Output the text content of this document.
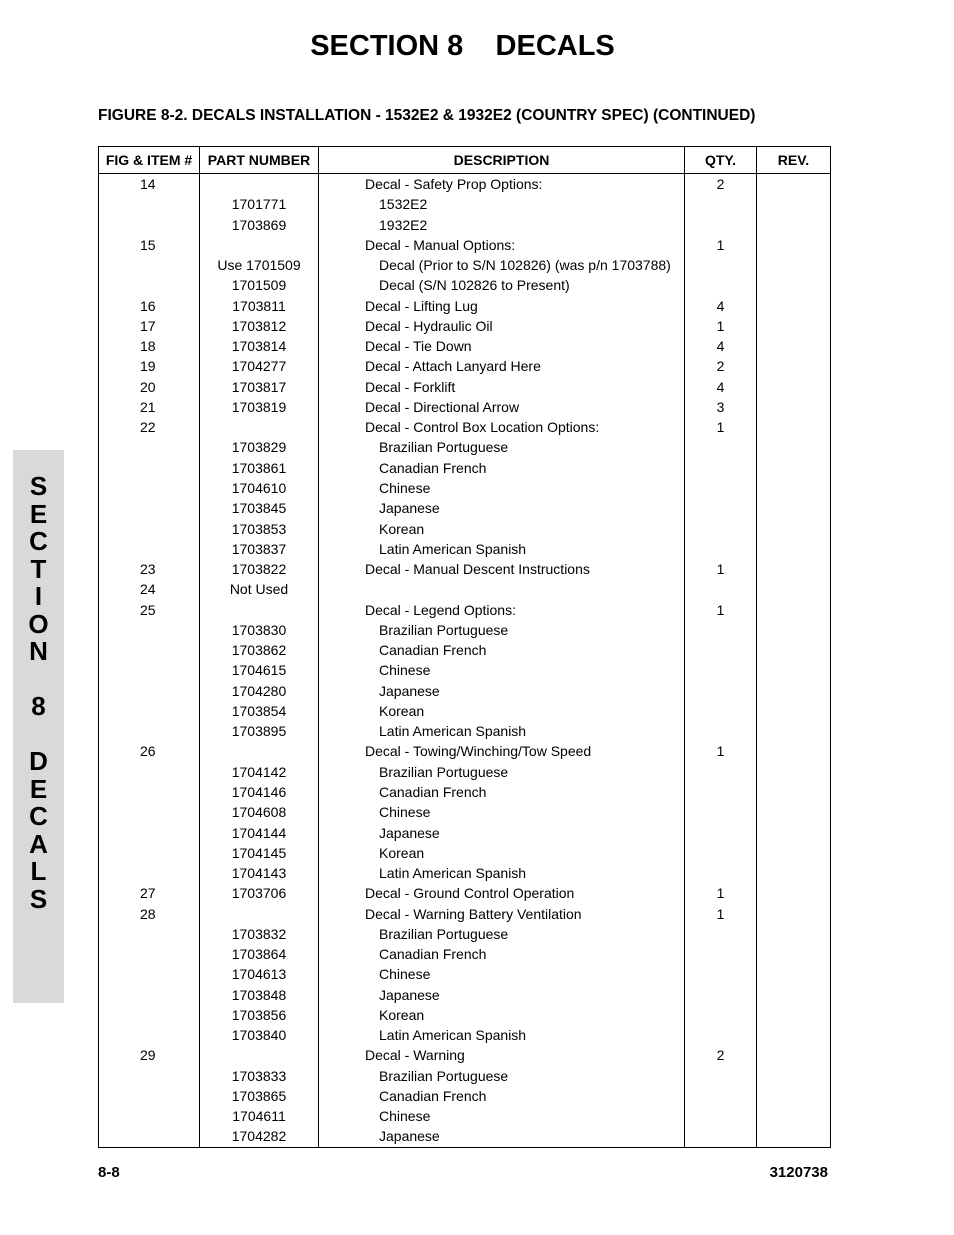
SECTION 8    DECALS
FIGURE 8-2. DECALS INSTALLATION - 1532E2 & 1932E2 (COUNTRY SPEC) (CONTINUED)
S
E
C
T
I
O
N
8
D
E
C
A
L
S
FIG & ITEM #	PART NUMBER	DESCRIPTION	QTY.	REV.
14		Decal - Safety Prop Options:	2	
	1701771	1532E2		
	1703869	1932E2		
15		Decal - Manual Options:	1	
	Use 1701509	Decal (Prior to S/N 102826) (was p/n 1703788)		
	1701509	Decal (S/N 102826 to Present)		
16	1703811	Decal - Lifting Lug	4	
17	1703812	Decal - Hydraulic Oil	1	
18	1703814	Decal - Tie Down	4	
19	1704277	Decal - Attach Lanyard Here	2	
20	1703817	Decal - Forklift	4	
21	1703819	Decal - Directional Arrow	3	
22		Decal - Control Box Location Options:	1	
	1703829	Brazilian Portuguese		
	1703861	Canadian French		
	1704610	Chinese		
	1703845	Japanese		
	1703853	Korean		
	1703837	Latin American Spanish		
23	1703822	Decal - Manual Descent Instructions	1	
24	Not Used			
25		Decal - Legend Options:	1	
	1703830	Brazilian Portuguese		
	1703862	Canadian French		
	1704615	Chinese		
	1704280	Japanese		
	1703854	Korean		
	1703895	Latin American Spanish		
26		Decal - Towing/Winching/Tow Speed	1	
	1704142	Brazilian Portuguese		
	1704146	Canadian French		
	1704608	Chinese		
	1704144	Japanese		
	1704145	Korean		
	1704143	Latin American Spanish		
27	1703706	Decal - Ground Control Operation	1	
28		Decal - Warning Battery Ventilation	1	
	1703832	Brazilian Portuguese		
	1703864	Canadian French		
	1704613	Chinese		
	1703848	Japanese		
	1703856	Korean		
	1703840	Latin American Spanish		
29		Decal - Warning	2	
	1703833	Brazilian Portuguese		
	1703865	Canadian French		
	1704611	Chinese		
	1704282	Japanese		
8-8	3120738
